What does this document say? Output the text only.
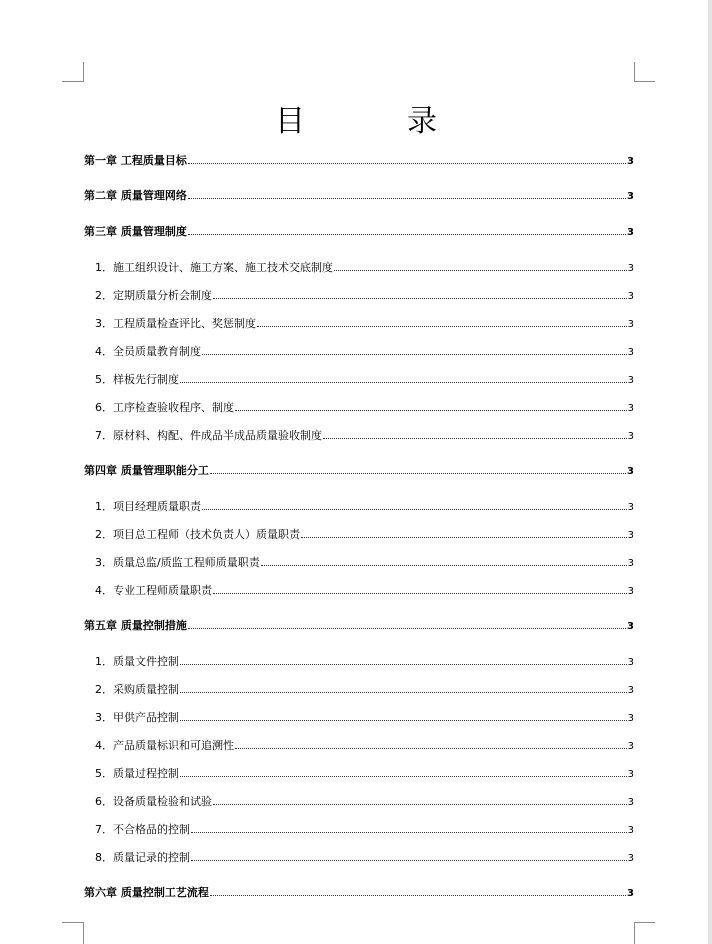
目　录
第一章 工程质量目标	3
第二章 质量管理网络	3
第三章 质量管理制度	3
1．施工组织设计、施工方案、施工技术交底制度	3
2．定期质量分析会制度	3
3．工程质量检查评比、奖惩制度	3
4．全员质量教育制度	3
5．样板先行制度	3
6．工序检查验收程序、制度	3
7．原材料、构配、件成品半成品质量验收制度	3
第四章 质量管理职能分工	3
1．项目经理质量职责	3
2．项目总工程师（技术负责人）质量职责	3
3．质量总监/质监工程师质量职责	3
4．专业工程师质量职责	3
第五章 质量控制措施	3
1．质量文件控制	3
2．采购质量控制	3
3．甲供产品控制	3
4．产品质量标识和可追溯性	3
5．质量过程控制	3
6．设备质量检验和试验	3
7．不合格品的控制	3
8．质量记录的控制	3
第六章 质量控制工艺流程	3
